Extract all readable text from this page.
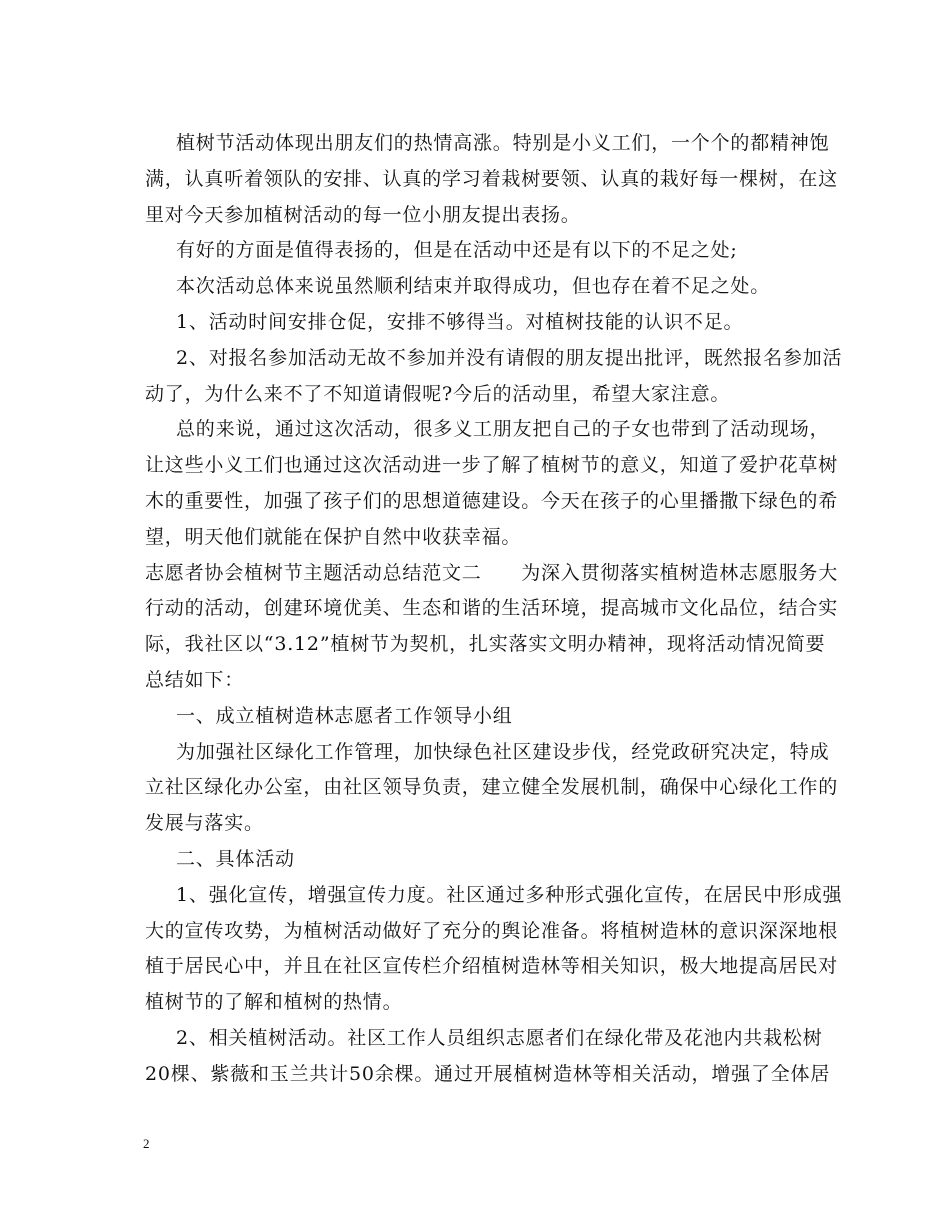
植树节活动体现出朋友们的热情高涨。特别是小义工们，一个个的都精神饱
满，认真听着领队的安排、认真的学习着栽树要领、认真的栽好每一棵树，在这
里对今天参加植树活动的每一位小朋友提出表扬。
有好的方面是值得表扬的，但是在活动中还是有以下的不足之处;
本次活动总体来说虽然顺利结束并取得成功，但也存在着不足之处。
1、活动时间安排仓促，安排不够得当。对植树技能的认识不足。
2、对报名参加活动无故不参加并没有请假的朋友提出批评，既然报名参加活
动了，为什么来不了不知道请假呢?今后的活动里，希望大家注意。
总的来说，通过这次活动，很多义工朋友把自己的子女也带到了活动现场，
让这些小义工们也通过这次活动进一步了解了植树节的意义，知道了爱护花草树
木的重要性，加强了孩子们的思想道德建设。今天在孩子的心里播撒下绿色的希
望，明天他们就能在保护自然中收获幸福。
志愿者协会植树节主题活动总结范文二　　为深入贯彻落实植树造林志愿服务大
行动的活动，创建环境优美、生态和谐的生活环境，提高城市文化品位，结合实
际，我社区以“3.12”植树节为契机，扎实落实文明办精神，现将活动情况简要
总结如下：
一、成立植树造林志愿者工作领导小组
为加强社区绿化工作管理，加快绿色社区建设步伐，经党政研究决定，特成
立社区绿化办公室，由社区领导负责，建立健全发展机制，确保中心绿化工作的
发展与落实。
二、具体活动
1、强化宣传，增强宣传力度。社区通过多种形式强化宣传，在居民中形成强
大的宣传攻势，为植树活动做好了充分的舆论准备。将植树造林的意识深深地根
植于居民心中，并且在社区宣传栏介绍植树造林等相关知识，极大地提高居民对
植树节的了解和植树的热情。
2、相关植树活动。社区工作人员组织志愿者们在绿化带及花池内共栽松树
20棵、紫薇和玉兰共计50余棵。通过开展植树造林等相关活动，增强了全体居
2
